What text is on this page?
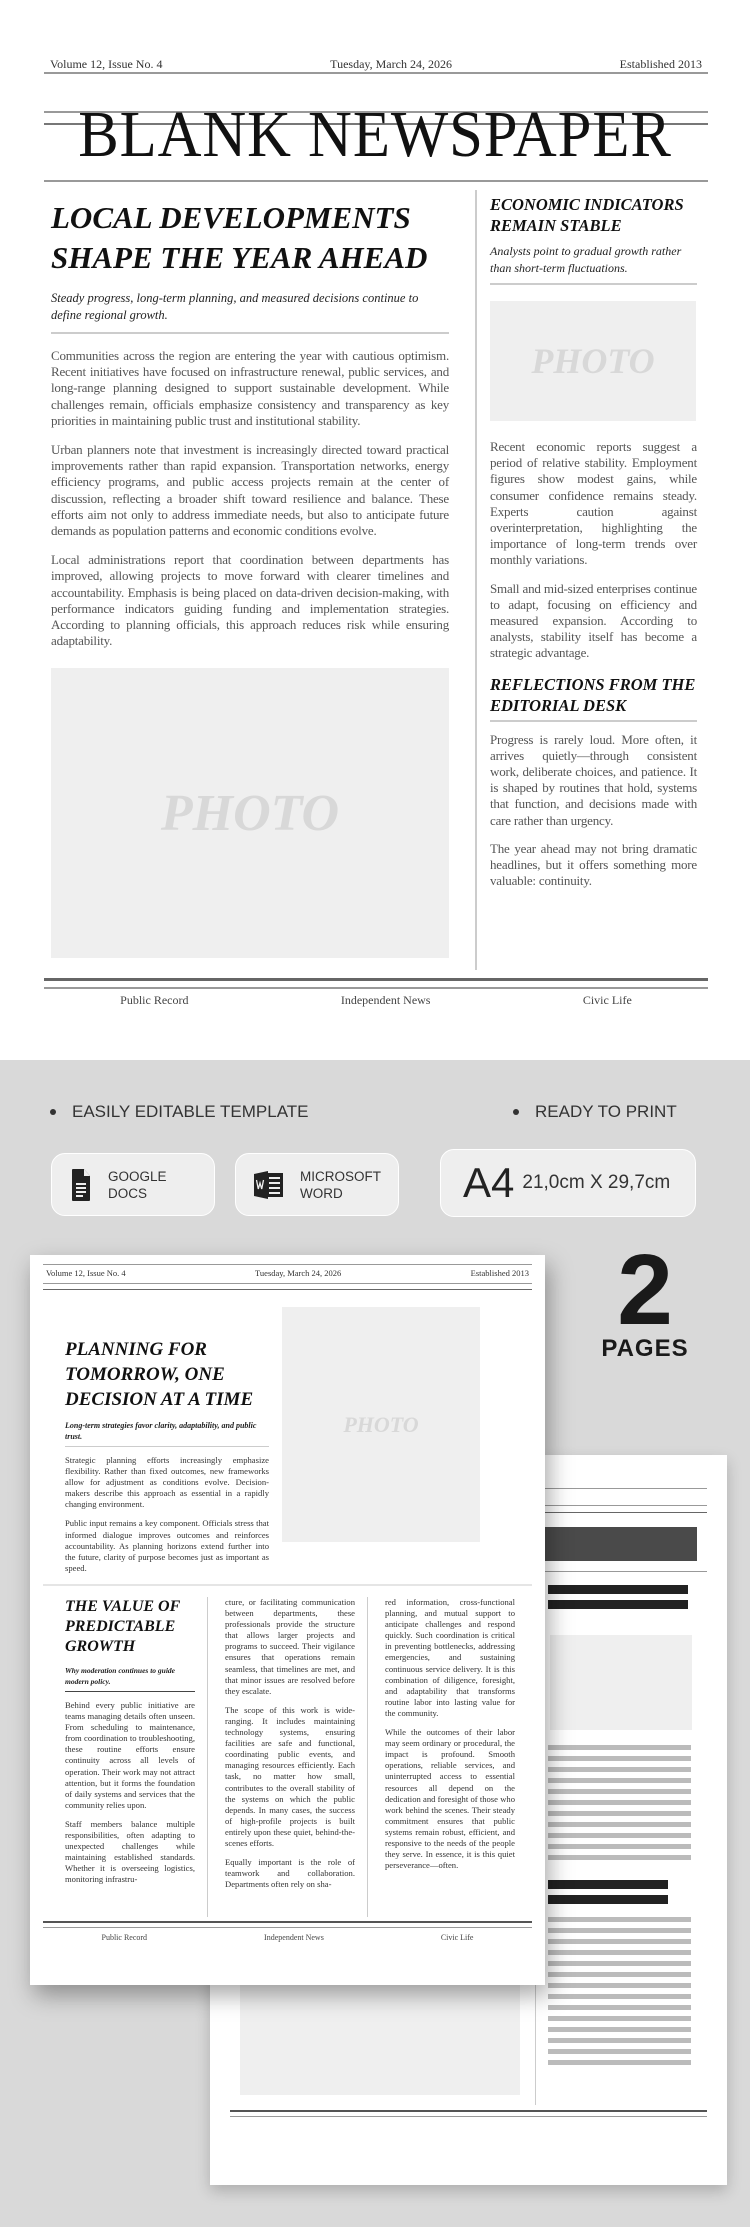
Volume 12, Issue No. 4	Tuesday, March 24, 2026	Established 2013
BLANK NEWSPAPER
LOCAL DEVELOPMENTS SHAPE THE YEAR AHEAD

Steady progress, long-term planning, and measured decisions continue to define regional growth.

Communities across the region are entering the year with cautious optimism. Recent initiatives have focused on infrastructure renewal, public services, and long-range planning designed to support sustainable development. While challenges remain, officials emphasize consistency and transparency as key priorities in maintaining public trust and institutional stability.

Urban planners note that investment is increasingly directed toward practical improvements rather than rapid expansion. Transportation networks, energy efficiency programs, and public access projects remain at the center of discussion, reflecting a broader shift toward resilience and balance. These efforts aim not only to address immediate needs, but also to anticipate future demands as population patterns and economic conditions evolve.

Local administrations report that coordination between departments has improved, allowing projects to move forward with clearer timelines and accountability. Emphasis is being placed on data-driven decision-making, with performance indicators guiding funding and implementation strategies. According to planning officials, this approach reduces risk while ensuring adaptability.

PHOTO
ECONOMIC INDICATORS REMAIN STABLE

Analysts point to gradual growth rather than short-term fluctuations.

PHOTO

Recent economic reports suggest a period of relative stability. Employment figures show modest gains, while consumer confidence remains steady. Experts caution against overinterpretation, highlighting the importance of long-term trends over monthly variations.

Small and mid-sized enterprises continue to adapt, focusing on efficiency and measured expansion. According to analysts, stability itself has become a strategic advantage.

REFLECTIONS FROM THE EDITORIAL DESK

Progress is rarely loud. More often, it arrives quietly—through consistent work, deliberate choices, and patience. It is shaped by routines that hold, systems that function, and decisions made with care rather than urgency.

The year ahead may not bring dramatic headlines, but it offers something more valuable: continuity.

Public Record	Independent News	Civic Life
EASILY EDITABLE TEMPLATE	READY TO PRINT
GOOGLE
DOCS
MICROSOFT
WORD	A4 21,0cm X 29,7cm
2
PAGES
Volume 12, Issue No. 4	Tuesday, March 24, 2026	Established 2013
PLANNING FOR TOMORROW, ONE DECISION AT A TIME

Long-term strategies favor clarity, adaptability, and public trust.

Strategic planning efforts increasingly emphasize flexibility. Rather than fixed outcomes, new frameworks allow for adjustment as conditions evolve. Decision-makers describe this approach as essential in a rapidly changing environment.

Public input remains a key component. Officials stress that informed dialogue improves outcomes and reinforces accountability. As planning horizons extend further into the future, clarity of purpose becomes just as important as speed.

PHOTO
THE VALUE OF PREDICTABLE GROWTH

Why moderation continues to guide modern policy.

Behind every public initiative are teams managing details often unseen. From scheduling to maintenance, from coordination to troubleshooting, these routine efforts ensure continuity across all levels of operation. Their work may not attract attention, but it forms the foundation of daily systems and services that the community relies upon.

Staff members balance multiple responsibilities, often adapting to unexpected challenges while maintaining established standards. Whether it is overseeing logistics, monitoring infrastru-

cture, or facilitating communication between departments, these professionals provide the structure that allows larger projects and programs to succeed. Their vigilance ensures that operations remain seamless, that timelines are met, and that minor issues are resolved before they escalate.

The scope of this work is wide-ranging. It includes maintaining technology systems, ensuring facilities are safe and functional, coordinating public events, and managing resources efficiently. Each task, no matter how small, contributes to the overall stability of the systems on which the public depends. In many cases, the success of high-profile projects is built entirely upon these quiet, behind-the-scenes efforts.

Equally important is the role of teamwork and collaboration. Departments often rely on sha-

red information, cross-functional planning, and mutual support to anticipate challenges and respond quickly. Such coordination is critical in preventing bottlenecks, addressing emergencies, and sustaining continuous service delivery. It is this combination of diligence, foresight, and adaptability that transforms routine labor into lasting value for the community.

While the outcomes of their labor may seem ordinary or procedural, the impact is profound. Smooth operations, reliable services, and uninterrupted access to essential resources all depend on the dedication and foresight of those who work behind the scenes. Their steady commitment ensures that public systems remain robust, efficient, and responsive to the needs of the people they serve. In essence, it is this quiet perseverance—often.

Public Record	Independent News	Civic Life
